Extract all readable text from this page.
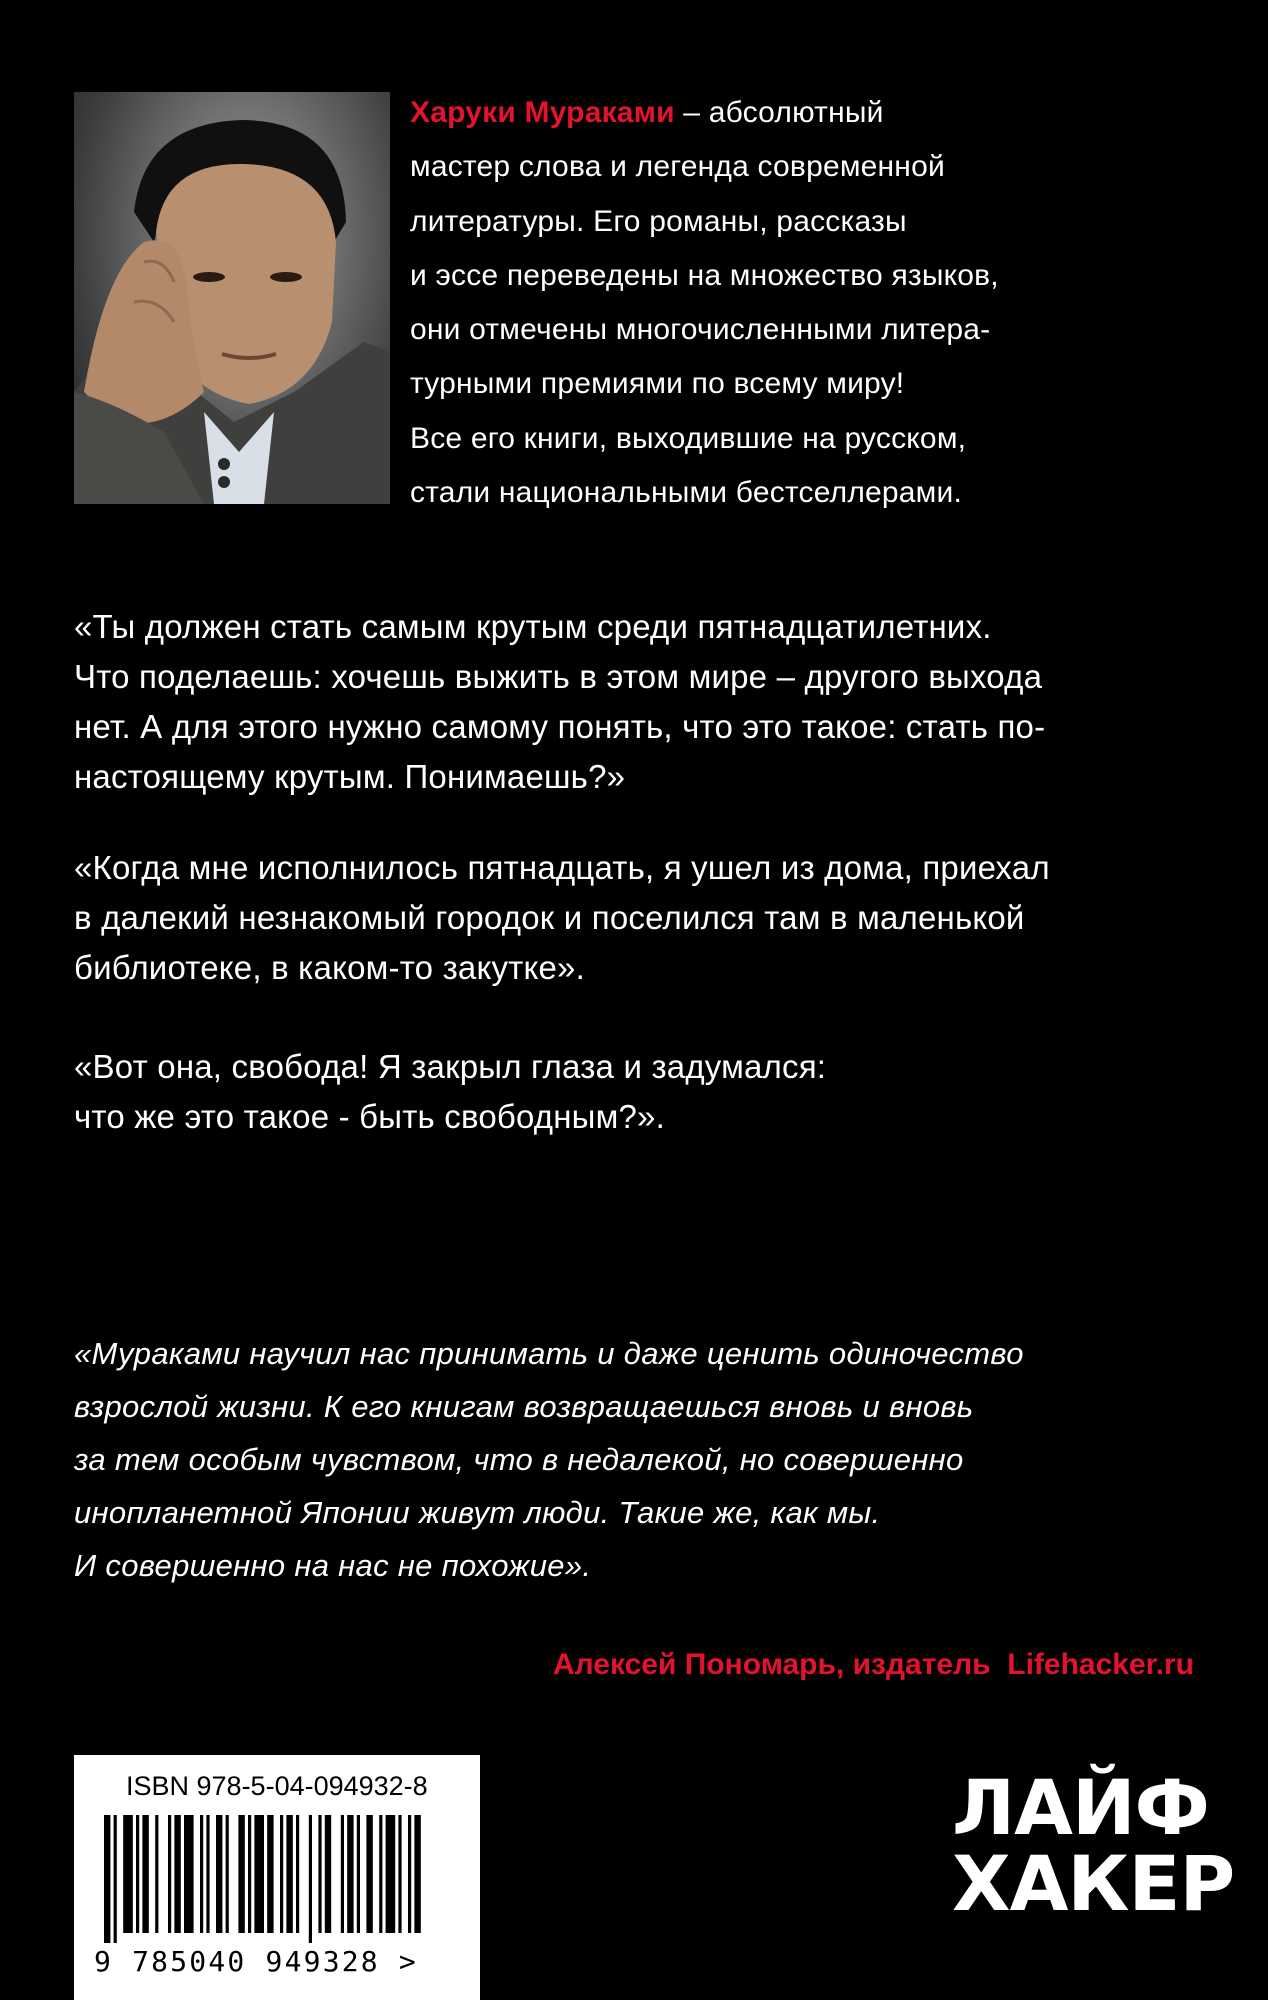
Харуки Мураками – абсолютный
мастер слова и легенда современной
литературы. Его романы, рассказы
и эссе переведены на множество языков,
они отмечены многочисленными литера-
турными премиями по всему миру!
Все его книги, выходившие на русском,
стали национальными бестселлерами.
«Ты должен стать самым крутым среди пятнадцатилетних.
Что поделаешь: хочешь выжить в этом мире – другого выхода
нет. А для этого нужно самому понять, что это такое: стать по-
настоящему крутым. Понимаешь?»
«Когда мне исполнилось пятнадцать, я ушел из дома, приехал
в далекий незнакомый городок и поселился там в маленькой
библиотеке, в каком-то закутке».
«Вот она, свобода! Я закрыл глаза и задумался:
что же это такое - быть свободным?».
«Мураками научил нас принимать и даже ценить одиночество
взрослой жизни. К его книгам возвращаешься вновь и вновь
за тем особым чувством, что в недалекой, но совершенно
инопланетной Японии живут люди. Такие же, как мы.
И совершенно на нас не похожие».
Алексей Пономарь, издатель  Lifehacker.ru
ISBN 978-5-04-094932-8
9 785040 949328 >
ЛАЙФ
ХАКЕР
